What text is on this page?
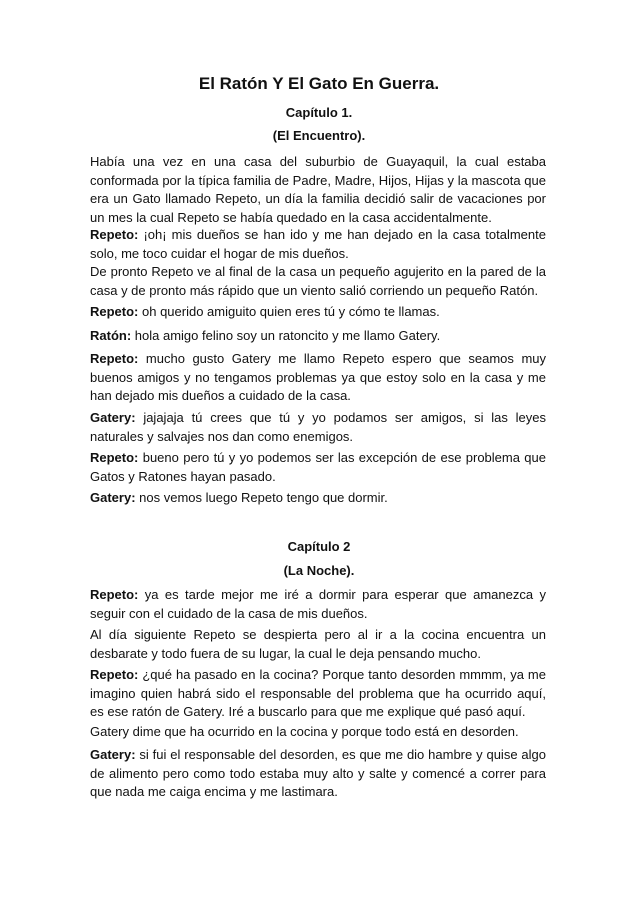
El Ratón Y El Gato En Guerra.
Capítulo 1.
(El Encuentro).

Había una vez en una casa del suburbio de Guayaquil, la cual estaba conformada por la típica familia de Padre, Madre, Hijos, Hijas y la mascota que era un Gato llamado Repeto, un día la familia decidió salir de vacaciones por un mes la cual Repeto se había quedado en la casa accidentalmente.

Repeto: ¡oh¡ mis dueños se han ido y me han dejado en la casa totalmente solo, me toco cuidar el hogar de mis dueños.

De pronto Repeto ve al final de la casa un pequeño agujerito en la pared de la casa y de pronto más rápido que un viento salió corriendo un pequeño Ratón.

Repeto: oh querido amiguito quien eres tú y cómo te llamas.

Ratón: hola amigo felino soy un ratoncito y me llamo Gatery.

Repeto: mucho gusto Gatery me llamo Repeto espero que seamos muy buenos amigos y no tengamos problemas ya que estoy solo en la casa y me han dejado mis dueños a cuidado de la casa.

Gatery: jajajaja tú crees que tú y yo podamos ser amigos, si las leyes naturales y salvajes nos dan como enemigos.

Repeto: bueno pero tú y yo podemos ser las excepción de ese problema que Gatos y Ratones hayan pasado.

Gatery: nos vemos luego Repeto tengo que dormir.

Capítulo 2
(La Noche).

Repeto: ya es tarde mejor me iré a dormir para esperar que amanezca y seguir con el cuidado de la casa de mis dueños.

Al día siguiente Repeto se despierta pero al ir a la cocina encuentra un desbarate y todo fuera de su lugar, la cual le deja pensando mucho.

Repeto: ¿qué ha pasado en la cocina? Porque tanto desorden mmmm, ya me imagino quien habrá sido el responsable del problema que ha ocurrido aquí, es ese ratón de Gatery. Iré a buscarlo para que me explique qué pasó aquí.

Gatery dime que ha ocurrido en la cocina y porque todo está en desorden.

Gatery: si fui el responsable del desorden, es que me dio hambre y quise algo de alimento pero como todo estaba muy alto y salte y comencé a correr para que nada me caiga encima y me lastimara.
